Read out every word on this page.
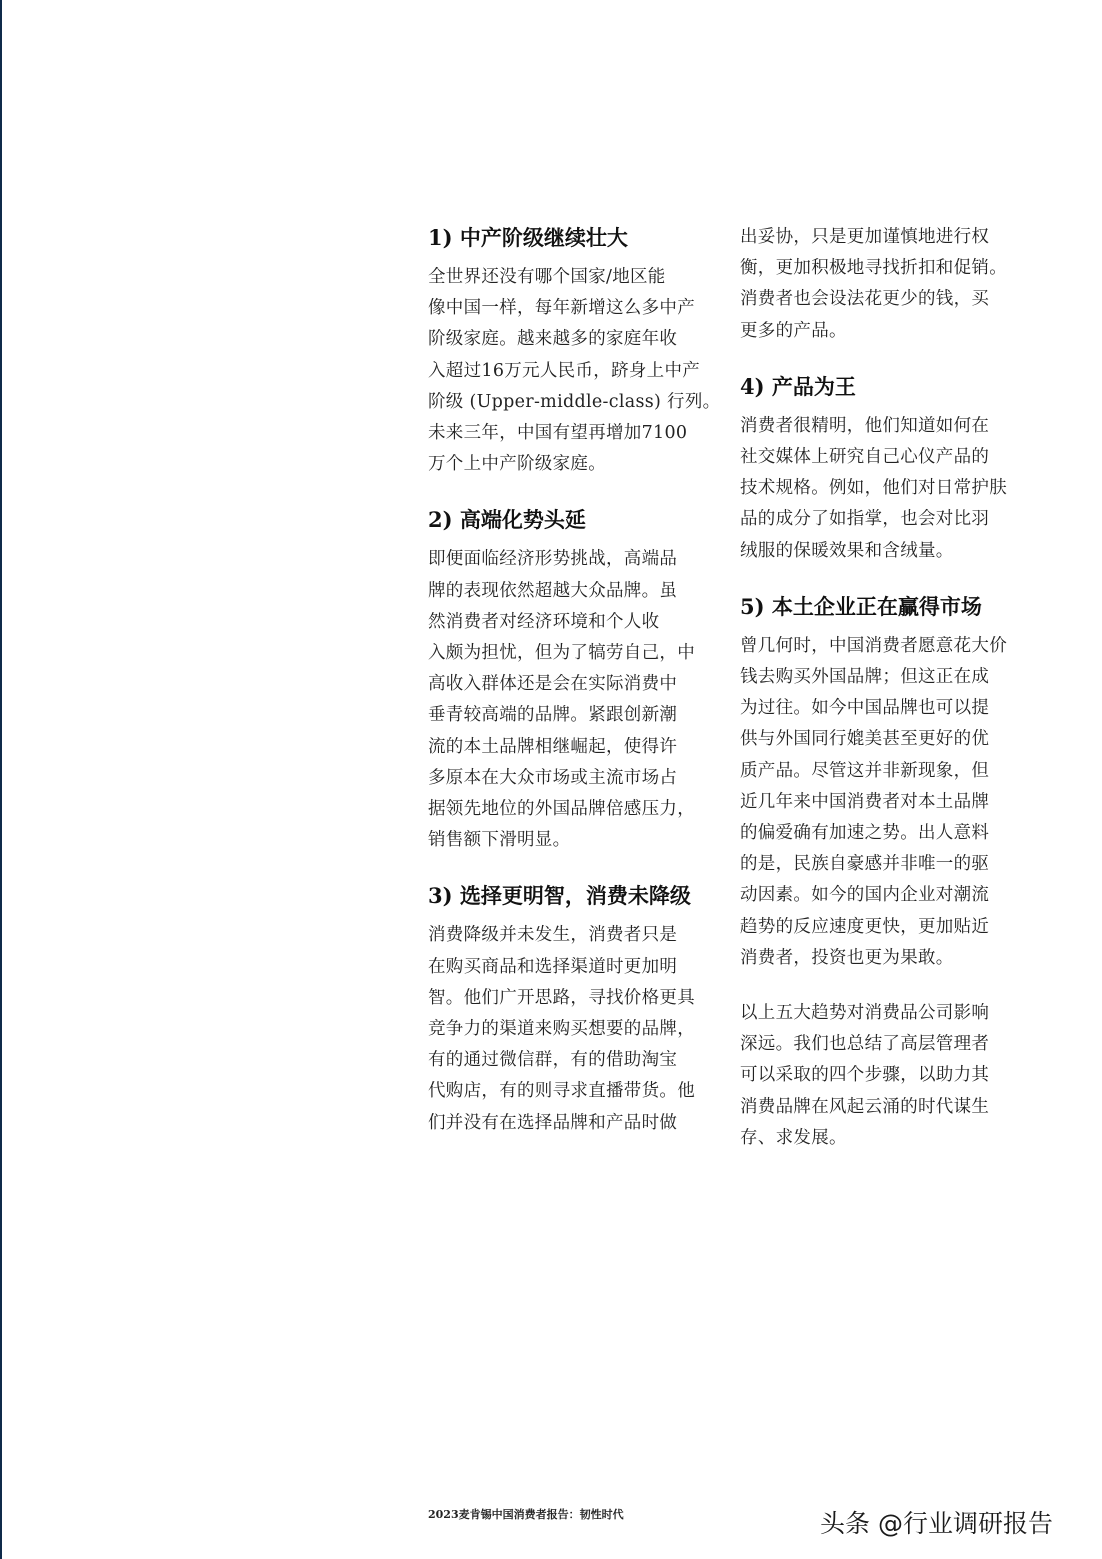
1) 中产阶级继续壮大
全世界还没有哪个国家/地区能
像中国一样，每年新增这么多中产
阶级家庭。越来越多的家庭年收
入超过16万元人民币，跻身上中产
阶级 (Upper-middle-class) 行列。
未来三年，中国有望再增加7100
万个上中产阶级家庭。
2) 高端化势头延
即便面临经济形势挑战，高端品
牌的表现依然超越大众品牌。虽
然消费者对经济环境和个人收
入颇为担忧，但为了犒劳自己，中
高收入群体还是会在实际消费中
垂青较高端的品牌。紧跟创新潮
流的本土品牌相继崛起，使得许
多原本在大众市场或主流市场占
据领先地位的外国品牌倍感压力，
销售额下滑明显。
3) 选择更明智，消费未降级
消费降级并未发生，消费者只是
在购买商品和选择渠道时更加明
智。他们广开思路，寻找价格更具
竞争力的渠道来购买想要的品牌，
有的通过微信群，有的借助淘宝
代购店，有的则寻求直播带货。他
们并没有在选择品牌和产品时做
出妥协，只是更加谨慎地进行权
衡，更加积极地寻找折扣和促销。
消费者也会设法花更少的钱，买
更多的产品。
4) 产品为王
消费者很精明，他们知道如何在
社交媒体上研究自己心仪产品的
技术规格。例如，他们对日常护肤
品的成分了如指掌，也会对比羽
绒服的保暖效果和含绒量。
5) 本土企业正在赢得市场
曾几何时，中国消费者愿意花大价
钱去购买外国品牌；但这正在成
为过往。如今中国品牌也可以提
供与外国同行媲美甚至更好的优
质产品。尽管这并非新现象，但
近几年来中国消费者对本土品牌
的偏爱确有加速之势。出人意料
的是，民族自豪感并非唯一的驱
动因素。如今的国内企业对潮流
趋势的反应速度更快，更加贴近
消费者，投资也更为果敢。
以上五大趋势对消费品公司影响
深远。我们也总结了高层管理者
可以采取的四个步骤，以助力其
消费品牌在风起云涌的时代谋生
存、求发展。
2023麦肯锡中国消费者报告：韧性时代	头条 @行业调研报告
